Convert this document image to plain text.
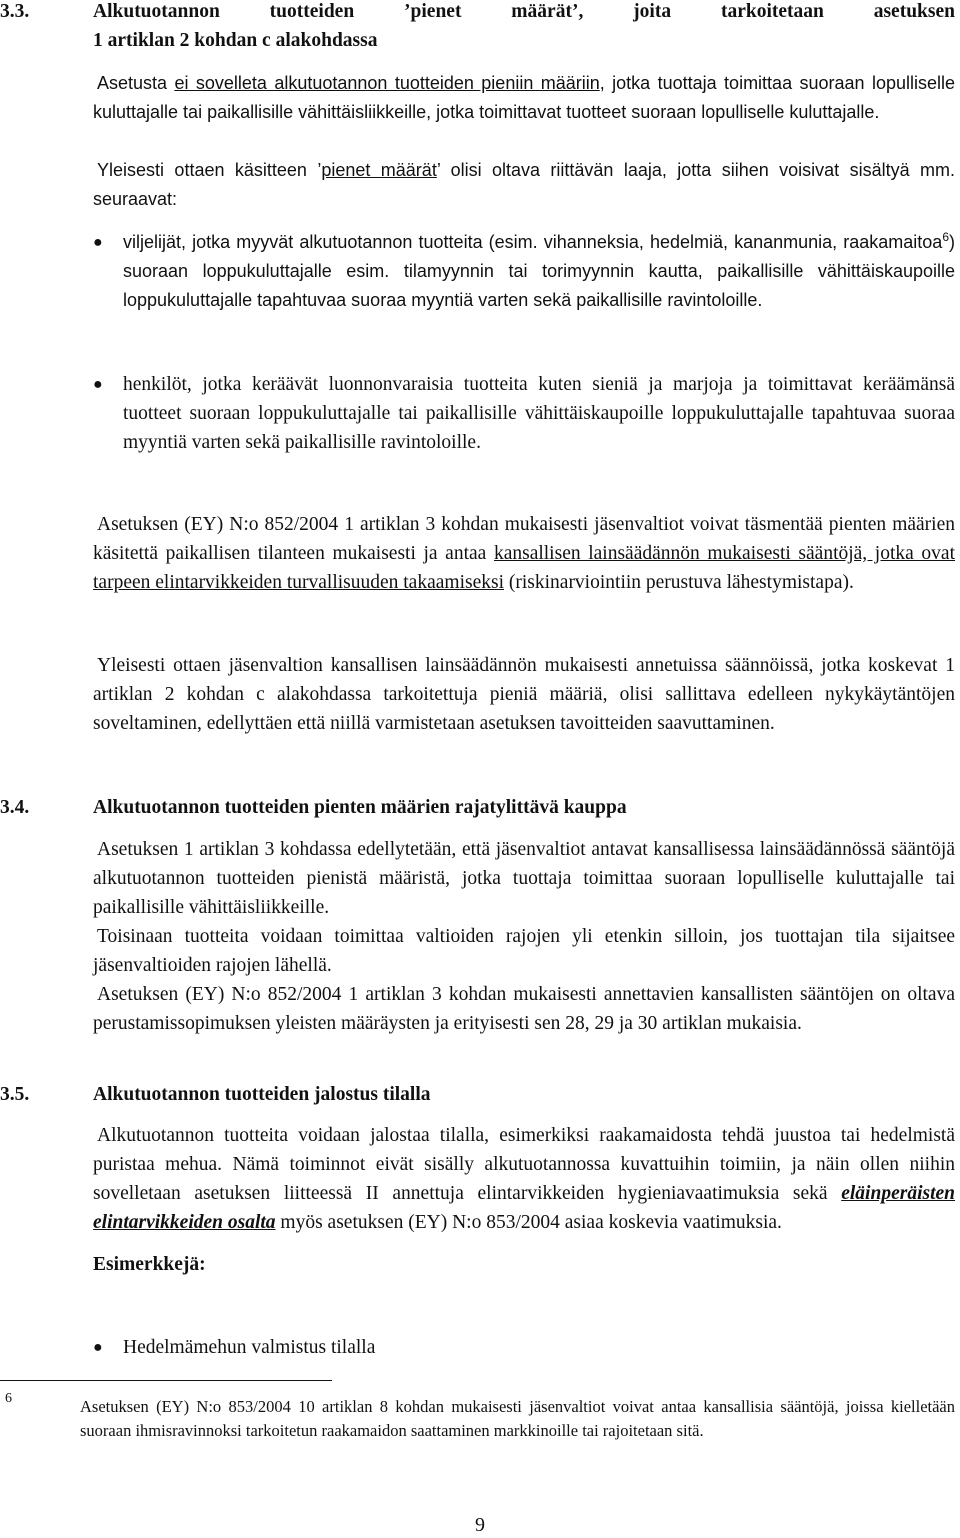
3.3.	Alkutuotannon tuotteiden ’pienet määrät’, joita tarkoitetaan asetuksen
1 artiklan 2 kohdan c alakohdassa

Asetusta ei sovelleta alkutuotannon tuotteiden pieniin määriin, jotka tuottaja toimittaa suoraan lopulliselle kuluttajalle tai paikallisille vähittäisliikkeille, jotka toimittavat tuotteet suoraan lopulliselle kuluttajalle.

Yleisesti ottaen käsitteen ’pienet määrät’ olisi oltava riittävän laaja, jotta siihen voisivat sisältyä mm. seuraavat:

●	viljelijät, jotka myyvät alkutuotannon tuotteita (esim. vihanneksia, hedelmiä, kananmunia, raakamaitoa$^6$) suoraan loppukuluttajalle esim. tilamyynnin tai torimyynnin kautta, paikallisille vähittäiskaupoille loppukuluttajalle tapahtuvaa suoraa myyntiä varten sekä paikallisille ravintoloille.
●	henkilöt, jotka keräävät luonnonvaraisia tuotteita kuten sieniä ja marjoja ja toimittavat keräämänsä tuotteet suoraan loppukuluttajalle tai paikallisille vähittäiskaupoille loppukuluttajalle tapahtuvaa suoraa myyntiä varten sekä paikallisille ravintoloille.

Asetuksen (EY) N:o 852/2004 1 artiklan 3 kohdan mukaisesti jäsenvaltiot voivat täsmentää pienten määrien käsitettä paikallisen tilanteen mukaisesti ja antaa kansallisen lainsäädännön mukaisesti sääntöjä, jotka ovat tarpeen elintarvikkeiden turvallisuuden takaamiseksi (riskinarviointiin perustuva lähestymistapa).

Yleisesti ottaen jäsenvaltion kansallisen lainsäädännön mukaisesti annetuissa säännöissä, jotka koskevat 1 artiklan 2 kohdan c alakohdassa tarkoitettuja pieniä määriä, olisi sallittava edelleen nykykäytäntöjen soveltaminen, edellyttäen että niillä varmistetaan asetuksen tavoitteiden saavuttaminen.

3.4.	Alkutuotannon tuotteiden pienten määrien rajatylittävä kauppa

Asetuksen 1 artiklan 3 kohdassa edellytetään, että jäsenvaltiot antavat kansallisessa lainsäädännössä sääntöjä alkutuotannon tuotteiden pienistä määristä, jotka tuottaja toimittaa suoraan lopulliselle kuluttajalle tai paikallisille vähittäisliikkeille.

Toisinaan tuotteita voidaan toimittaa valtioiden rajojen yli etenkin silloin, jos tuottajan tila sijaitsee jäsenvaltioiden rajojen lähellä.

Asetuksen (EY) N:o 852/2004 1 artiklan 3 kohdan mukaisesti annettavien kansallisten sääntöjen on oltava perustamissopimuksen yleisten määräysten ja erityisesti sen 28, 29 ja 30 artiklan mukaisia.

3.5.	Alkutuotannon tuotteiden jalostus tilalla

Alkutuotannon tuotteita voidaan jalostaa tilalla, esimerkiksi raakamaidosta tehdä juustoa tai hedelmistä puristaa mehua. Nämä toiminnot eivät sisälly alkutuotannossa kuvattuihin toimiin, ja näin ollen niihin sovelletaan asetuksen liitteessä II annettuja elintarvikkeiden hygieniavaatimuksia sekä eläinperäisten elintarvikkeiden osalta myös asetuksen (EY) N:o 853/2004 asiaa koskevia vaatimuksia.

Esimerkkejä:
●	Hedelmämehun valmistus tilalla
6	Asetuksen (EY) N:o 853/2004 10 artiklan 8 kohdan mukaisesti jäsenvaltiot voivat antaa kansallisia sääntöjä, joissa kielletään suoraan ihmisravinnoksi tarkoitetun raakamaidon saattaminen markkinoille tai rajoitetaan sitä.
9
